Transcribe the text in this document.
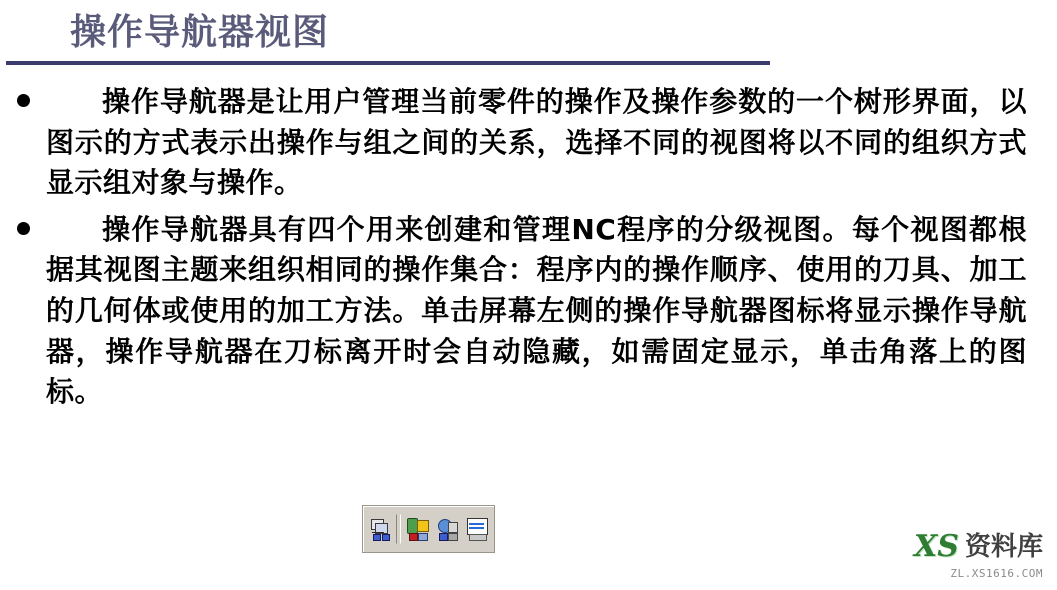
操作导航器视图
操作导航器是让用户管理当前零件的操作及操作参数的一个树形界面，以图示的方式表示出操作与组之间的关系，选择不同的视图将以不同的组织方式显示组对象与操作。
操作导航器具有四个用来创建和管理NC程序的分级视图。每个视图都根据其视图主题来组织相同的操作集合：程序内的操作顺序、使用的刀具、加工的几何体或使用的加工方法。单击屏幕左侧的操作导航器图标将显示操作导航器，操作导航器在刀标离开时会自动隐藏，如需固定显示，单击角落上的图标。
XS 资料库
ZL.XS1616.COM
